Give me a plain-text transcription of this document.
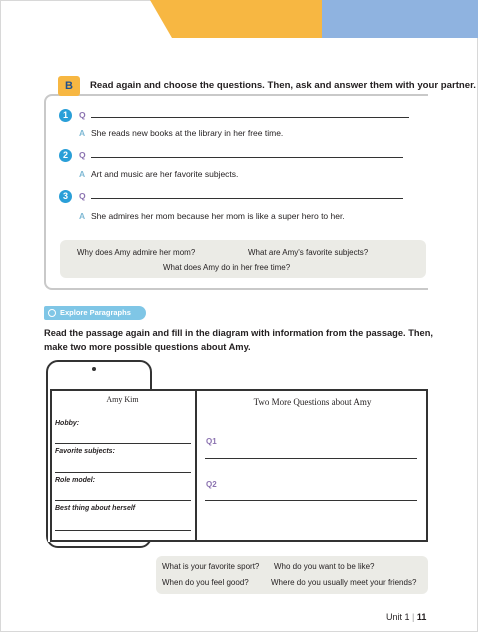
B	Read again and choose the questions. Then, ask and answer them with your partner.
1	Q
A She reads new books at the library in her free time.
2	Q
A Art and music are her favorite subjects.
3	Q
A She admires her mom because her mom is like a super hero to her.
Why does Amy admire her mom?	What are Amy's favorite subjects?
What does Amy do in her free time?
Explore Paragraphs
Read the passage again and fill in the diagram with information from the passage. Then, make two more possible questions about Amy.
Amy Kim
Hobby:
Favorite subjects:
Role model:
Best thing about herself
Two More Questions about Amy
Q1
Q2
What is your favorite sport? Who do you want to be like?
When do you feel good?	Where do you usually meet your friends?
Unit 1 | 11
